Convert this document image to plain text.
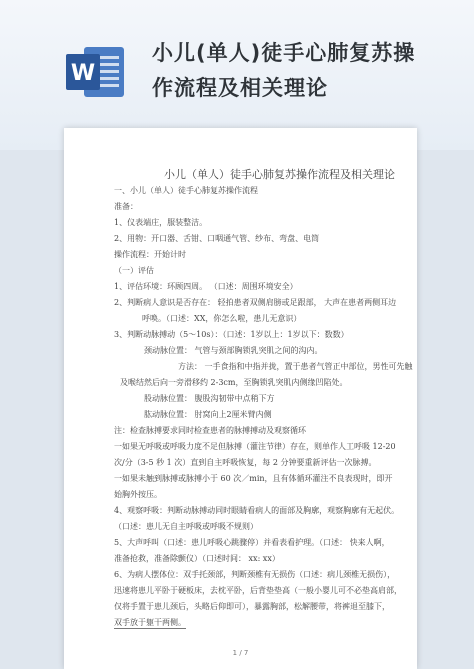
W
小儿(单人)徒手心肺复苏操
作流程及相关理论
小儿（单人）徒手心肺复苏操作流程及相关理论
一、小儿（单人）徒手心肺复苏操作流程
准备：
1、仪表端庄，服装整洁。
2、用物：开口器、舌钳、口咽通气管、纱布、弯盘、电筒
操作流程：开始计时
（一）评估
1、评估环境：环顾四周。 （口述：周围环境安全）
2、判断病人意识是否存在： 轻拍患者双侧肩膀或足跟部， 大声在患者两侧耳边
呼唤。（口述：XX，你怎么啦，患儿无意识）
3、判断动脉搏动（5～10s）：（口述：1岁以上：1岁以下：数数）
颈动脉位置： 气管与颈部胸锁乳突肌之间的沟内。
方法： 一手食指和中指并拢，置于患者气管正中部位，男性可先触
及喉结然后向一旁滑移约 2-3cm，至胸锁乳突肌内侧缘凹陷处。
股动脉位置： 腹股沟韧带中点稍下方
肱动脉位置： 肘窝向上2厘米臂内侧
注：检查脉搏要求同时检查患者的脉搏搏动及观察循环
一如果无呼吸或呼吸力度不足但脉搏（灌注节律）存在，则单作人工呼吸 12-20
次/分（3-5 秒 1 次）直到自主呼吸恢复，每 2 分钟要重新评估一次脉搏。
一如果未触到脉搏或脉搏小于 60 次／min，且有体循环灌注不良表现时，即开
始胸外按压。
4、观察呼吸：判断动脉搏动同时眼睛看病人的面部及胸廓，观察胸廓有无起伏。
（口述：患儿无自主呼吸或呼吸不规则）
5、大声呼叫（口述：患儿呼吸心跳骤停）并看表看护理。（口述： 快来人啊，
准备抢救，准备除颤仪）（口述时间： xx: xx）
6、为病人摆体位：双手托颈部，判断颈椎有无损伤（口述：病儿颈椎无损伤），
迅速将患儿平卧于硬板床，去枕平卧，后背垫垫高（一般小婴儿可不必垫高肩部，
仅将手置于患儿颈后，头略后仰即可），暴露胸部，松解腰带，将裤退至膝下，
双手放于躯干两侧。
1 / 7
